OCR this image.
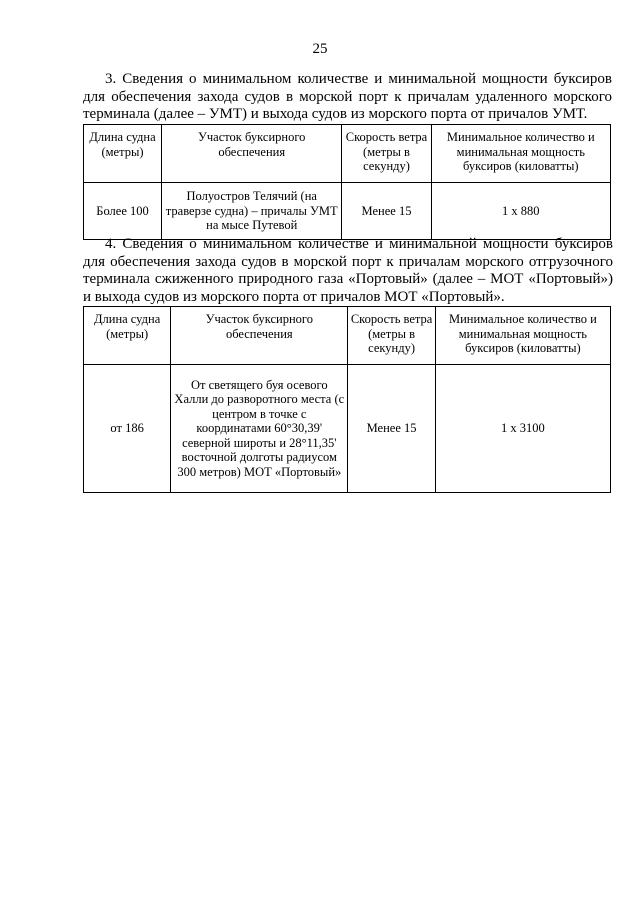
25
3. Сведения о минимальном количестве и минимальной мощности буксиров для обеспечения захода судов в морской порт к причалам удаленного морского терминала (далее – УМТ) и выхода судов из морского порта от причалов УМТ.
Длина судна (метры)	Участок буксирного обеспечения	Скорость ветра (метры в секунду)	Минимальное количество и минимальная мощность буксиров (киловатты)
Более 100	Полуостров Телячий (на траверзе судна) – причалы УМТ на мысе Путевой	Менее 15	1 x 880
4. Сведения о минимальном количестве и минимальной мощности буксиров для обеспечения захода судов в морской порт к причалам морского отгрузочного терминала сжиженного природного газа «Портовый» (далее – МОТ «Портовый») и выхода судов из морского порта от причалов МОТ «Портовый».
Длина судна (метры)	Участок буксирного обеспечения	Скорость ветра (метры в секунду)	Минимальное количество и минимальная мощность буксиров (киловатты)
от 186	От светящего буя осевого Халли до разворотного места (с центром в точке с координатами 60°30,39' северной широты и 28°11,35' восточной долготы радиусом 300 метров) МОТ «Портовый»	Менее 15	1 x 3100
